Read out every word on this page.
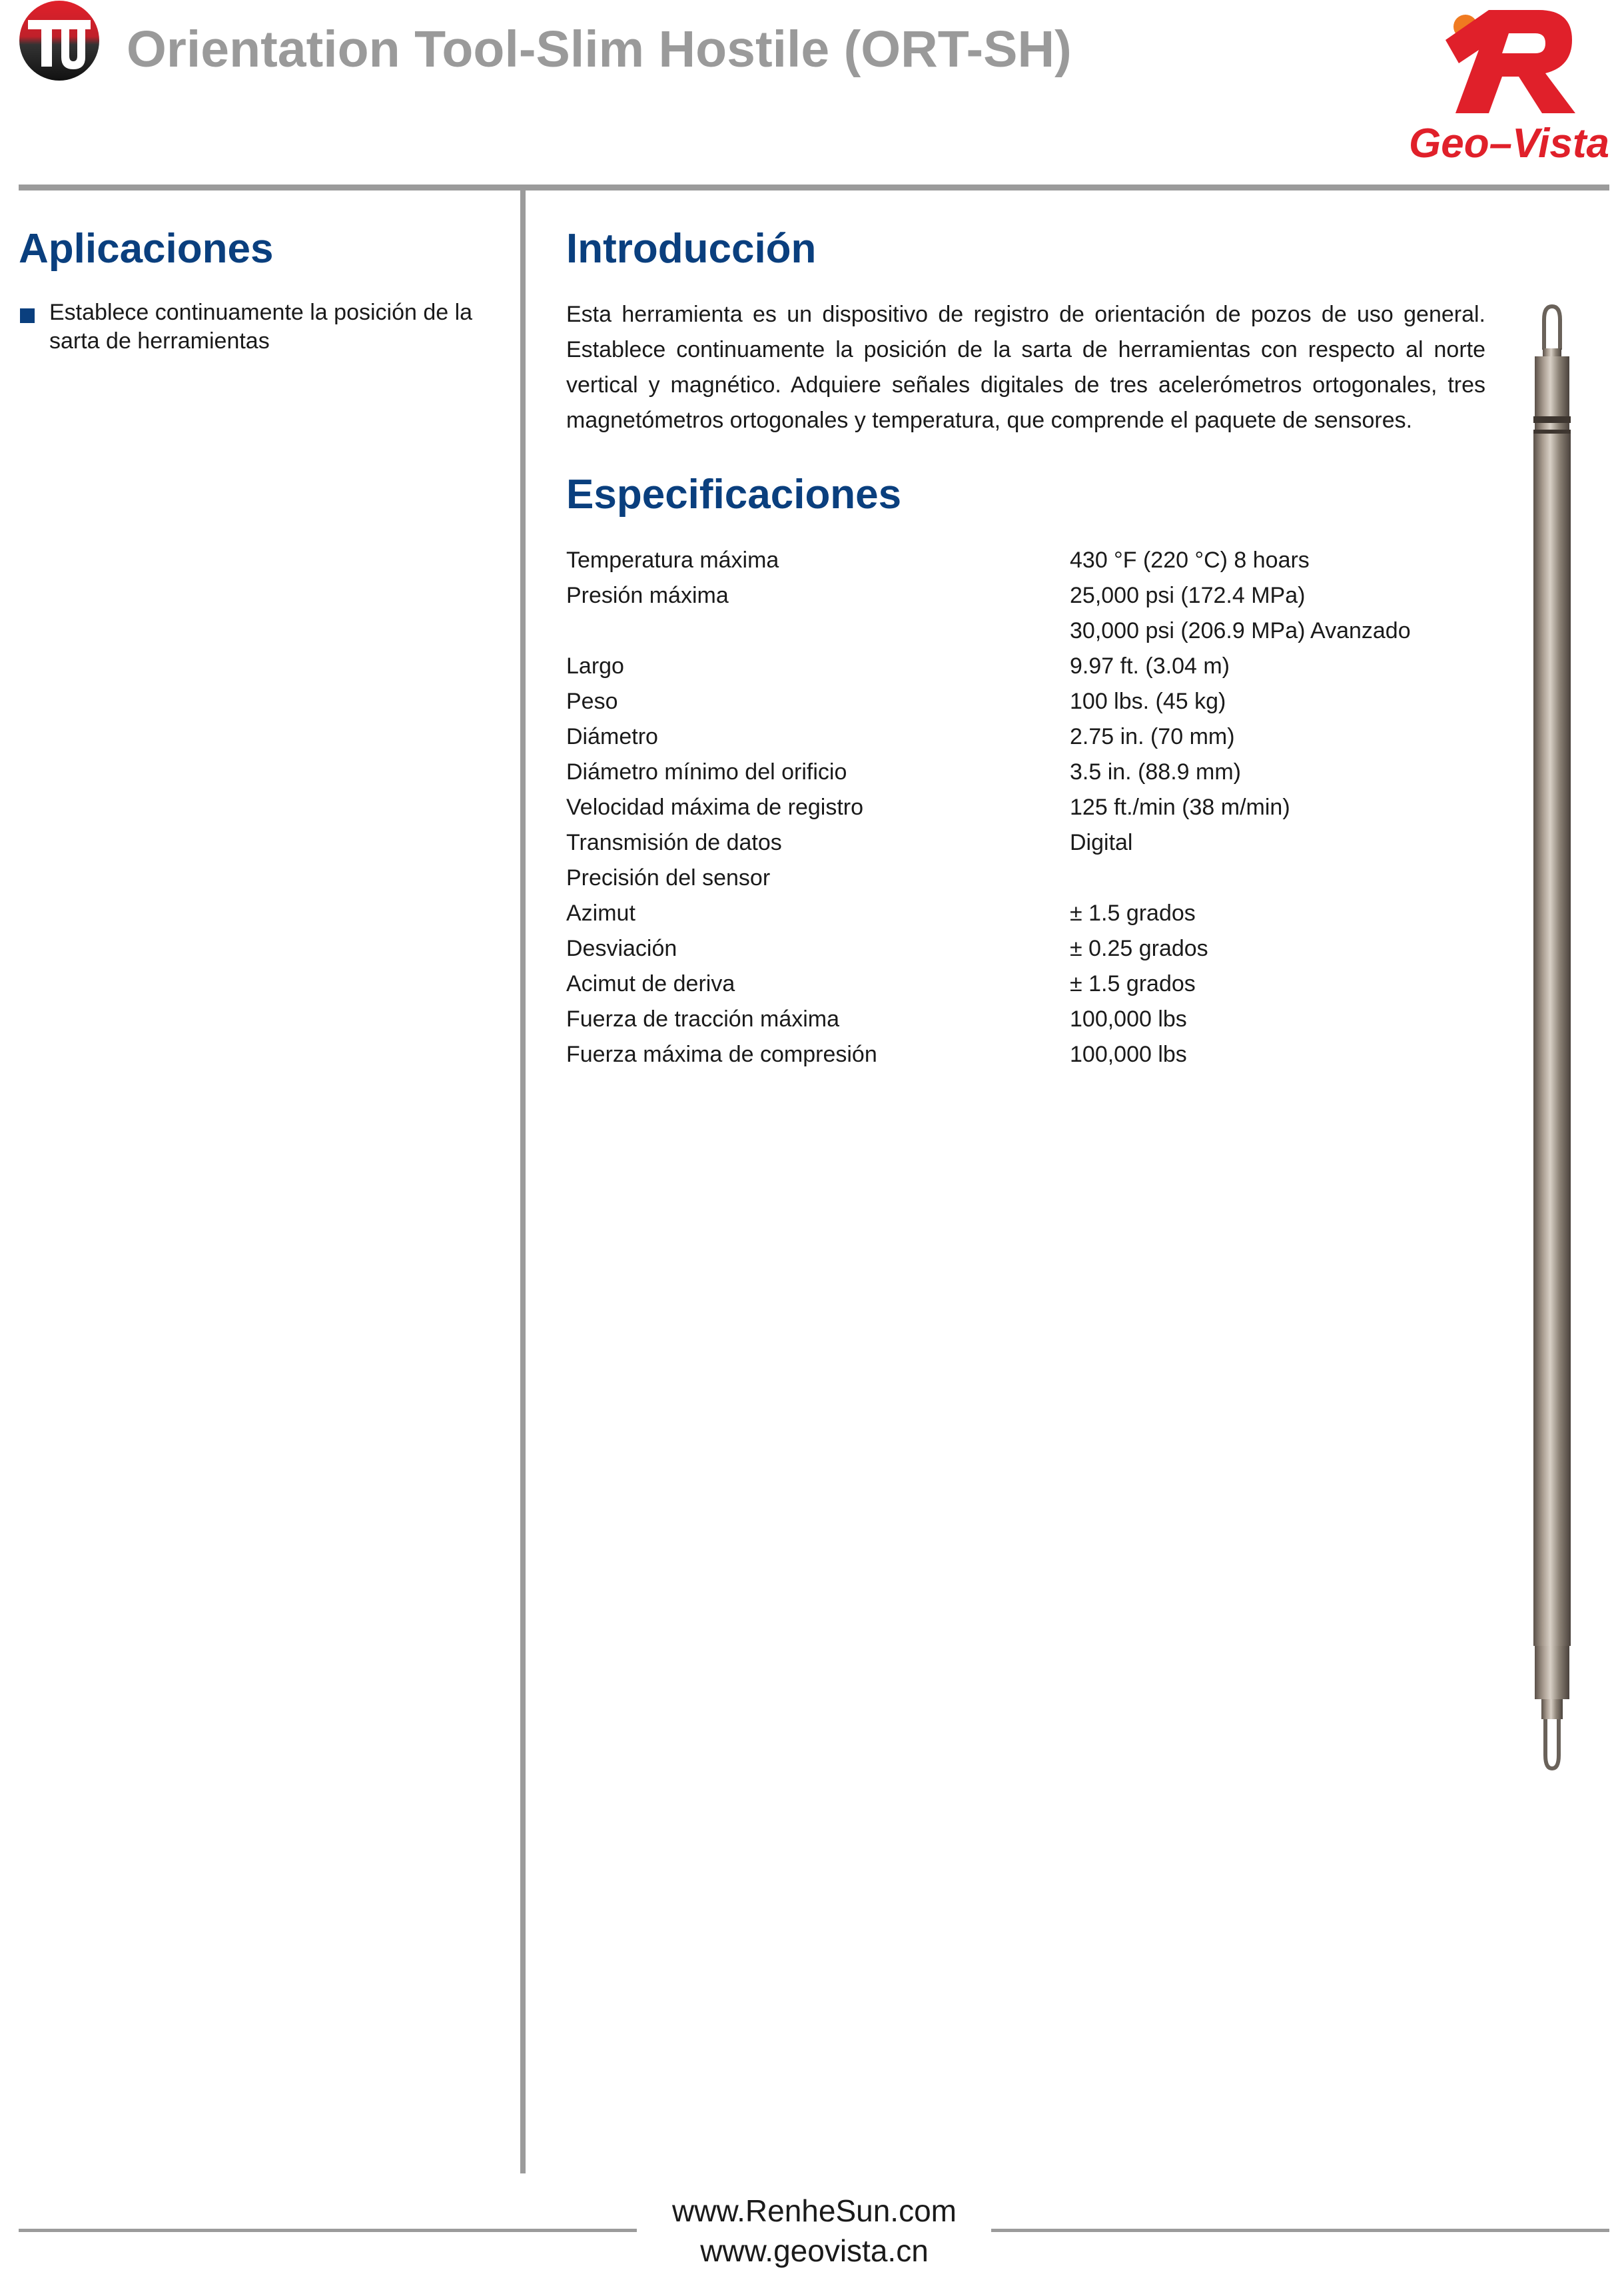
Orientation Tool-Slim Hostile (ORT-SH)
Geo–Vista
Aplicaciones
Establece continuamente la posición de la sarta de herramientas
Introducción
Esta herramienta es un dispositivo de registro de orientación de pozos de uso general. Establece continuamente la posición de la sarta de herramientas con respecto al norte vertical y magnético. Adquiere señales digitales de tres acelerómetros ortogonales, tres magnetómetros ortogonales y temperatura, que comprende el paquete de sensores.
Especificaciones
Temperatura máxima	430 °F (220 °C) 8 hoars
Presión máxima	25,000 psi (172.4 MPa)
30,000 psi (206.9 MPa) Avanzado
Largo	9.97 ft. (3.04 m)
Peso	100 lbs. (45 kg)
Diámetro	2.75 in. (70 mm)
Diámetro mínimo del orificio	3.5 in. (88.9 mm)
Velocidad máxima de registro	125 ft./min (38 m/min)
Transmisión de datos	Digital
Precisión del sensor
Azimut	± 1.5 grados
Desviación	± 0.25 grados
Acimut de deriva	± 1.5 grados
Fuerza de tracción máxima	100,000 lbs
Fuerza máxima de compresión	100,000 lbs
www.RenheSun.com
www.geovista.cn
